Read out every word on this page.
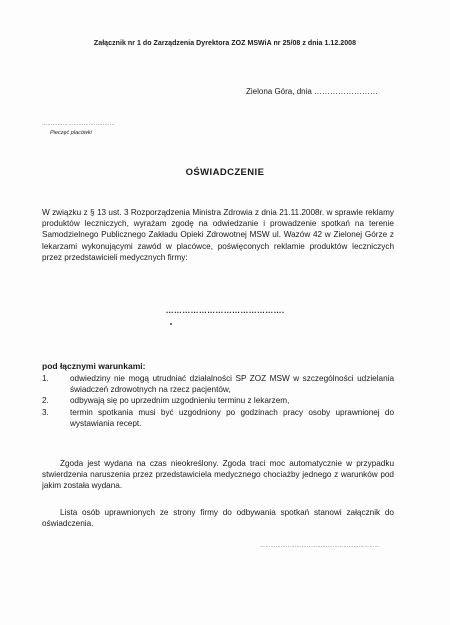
Załącznik nr 1 do Zarządzenia Dyrektora ZOZ MSWiA nr 25/08 z dnia 1.12.2008
Zielona Góra, dnia ……………………
……………………………………
Pieczęć placówki
OŚWIADCZENIE
W związku z § 13 ust. 3 Rozporządzenia Ministra Zdrowia z dnia 21.11.2008r. w sprawie reklamy produktów leczniczych, wyrażam zgodę na odwiedzanie i prowadzenie spotkań na terenie Samodzielnego Publicznego Zakładu Opieki Zdrowotnej MSW ul. Wazów 42 w Zielonej Górze z lekarzami wykonującymi zawód w placówce, poświęconych reklamie produktów leczniczych przez przedstawicieli medycznych firmy:
…………………………………….
pod łącznymi warunkami:
1.	odwiedziny nie mogą utrudniać działalności SP ZOZ MSW w szczególności udzielania świadczeń zdrowotnych na rzecz pacjentów,
2.	odbywają się po uprzednim uzgodnieniu terminu z lekarzem,
3.	termin spotkania musi być uzgodniony po godzinach pracy osoby uprawnionej do wystawiania recept.
Zgoda jest wydana na czas nieokreślony. Zgoda traci moc automatycznie w przypadku stwierdzenia naruszenia przez przedstawiciela medycznego chociażby jednego z warunków pod jakim została wydana.
Lista osób uprawnionych ze strony firmy do odbywania spotkań stanowi załącznik do oświadczenia.
……………………………………………………………
